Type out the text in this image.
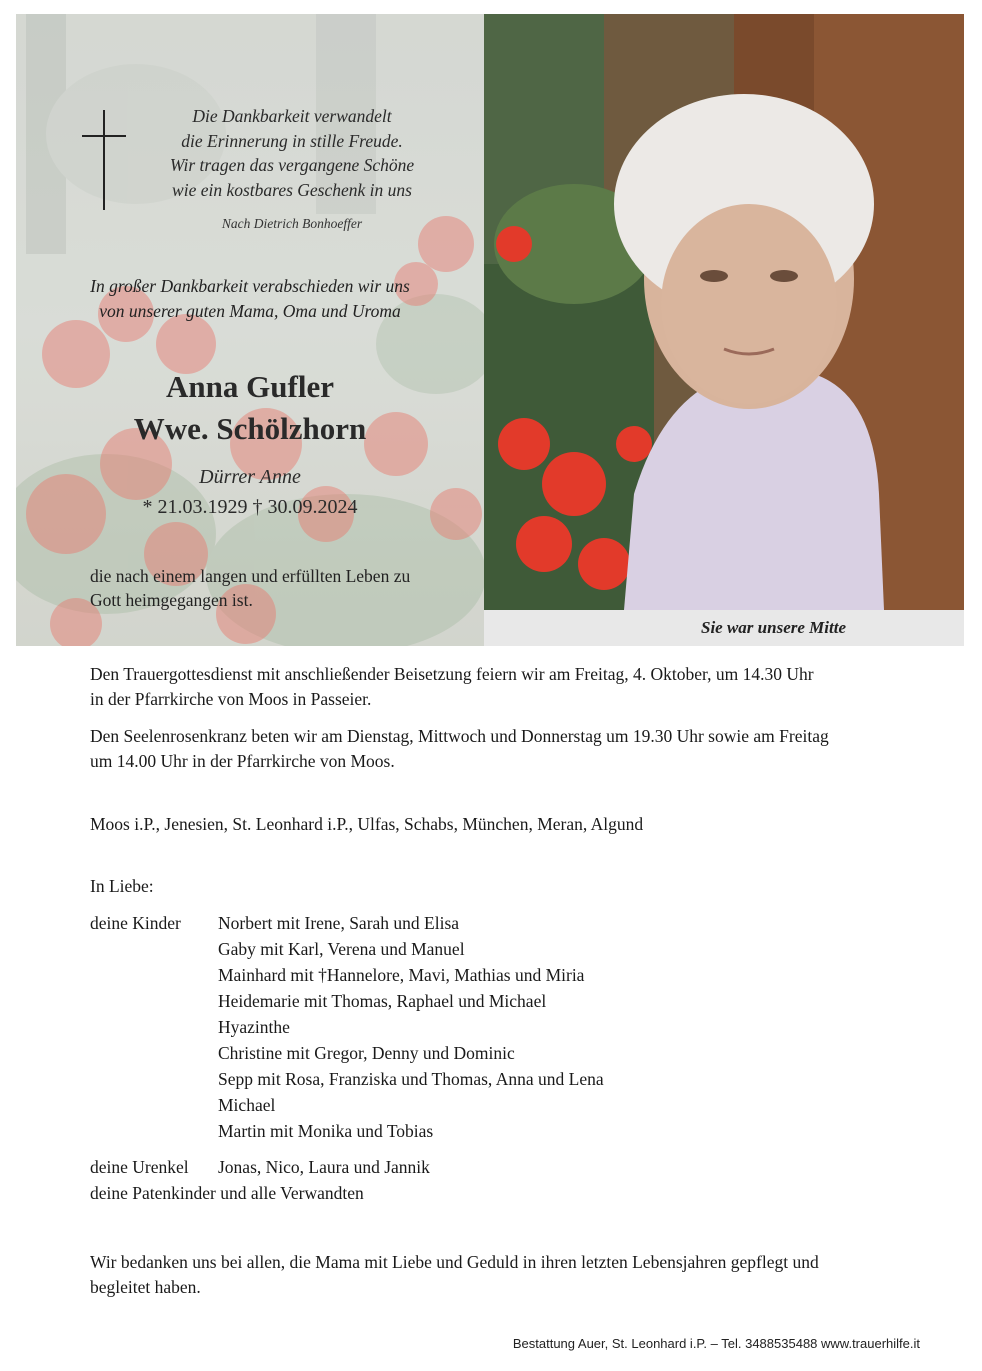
Sie war unsere Mitte
Die Dankbarkeit verwandelt
die Erinnerung in stille Freude.
Wir tragen das vergangene Schöne
wie ein kostbares Geschenk in uns
Nach Dietrich Bonhoeffer
In großer Dankbarkeit verabschieden wir uns
von unserer guten Mama, Oma und Uroma
Anna Gufler
Wwe. Schölzhorn
Dürrer Anne
* 21.03.1929 † 30.09.2024
die nach einem langen und erfüllten Leben zu
Gott heimgegangen ist.
Den Trauergottesdienst mit anschließender Beisetzung feiern wir am Freitag, 4. Oktober, um 14.30 Uhr
in der Pfarrkirche von Moos in Passeier.
Den Seelenrosenkranz beten wir am Dienstag, Mittwoch und Donnerstag um 19.30 Uhr sowie am Freitag
um 14.00 Uhr in der Pfarrkirche von Moos.
Moos i.P., Jenesien, St. Leonhard i.P., Ulfas, Schabs, München, Meran, Algund
In Liebe:
deine Kinder Norbert mit Irene, Sarah und Elisa
Gaby mit Karl, Verena und Manuel
Mainhard mit †Hannelore, Mavi, Mathias und Miria
Heidemarie mit Thomas, Raphael und Michael
Hyazinthe
Christine mit Gregor, Denny und Dominic
Sepp mit Rosa, Franziska und Thomas, Anna und Lena
Michael
Martin mit Monika und Tobias
deine Urenkel Jonas, Nico, Laura und Jannik
deine Patenkinder und alle Verwandten
Wir bedanken uns bei allen, die Mama mit Liebe und Geduld in ihren letzten Lebensjahren gepflegt und
begleitet haben.
Bestattung Auer, St. Leonhard i.P. – Tel. 3488535488 www.trauerhilfe.it
